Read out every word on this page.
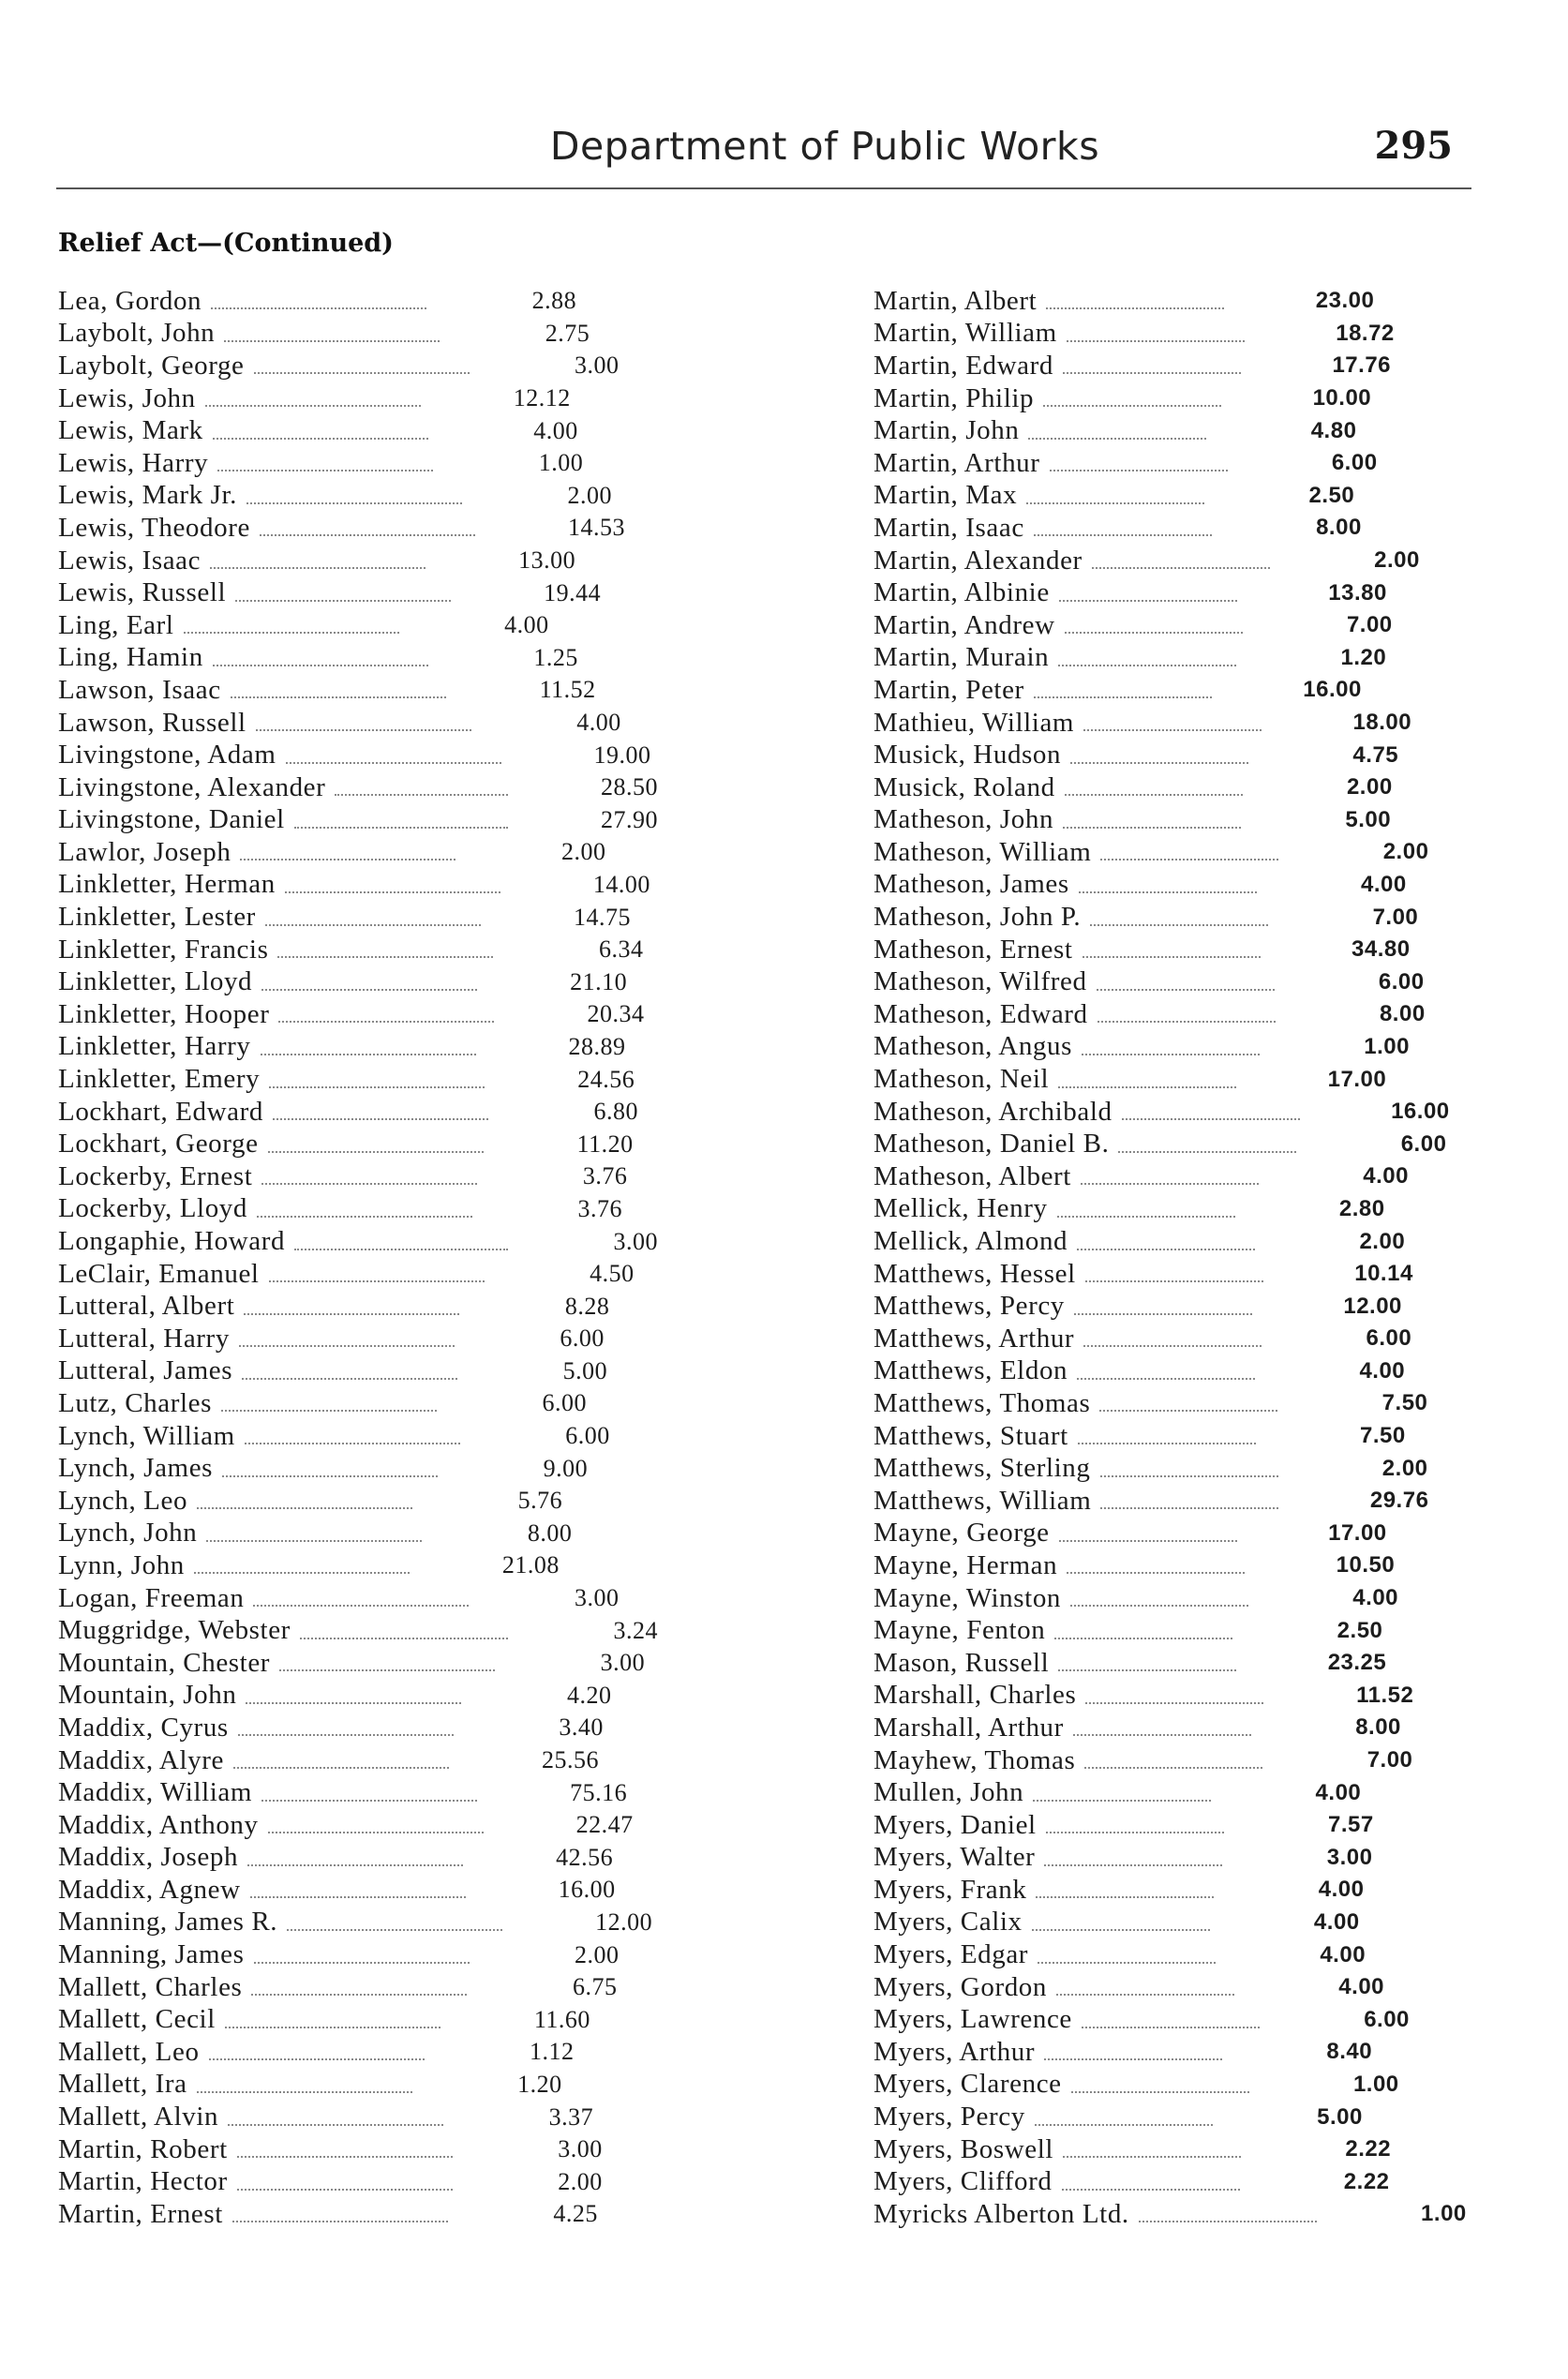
Department of Public Works	295
Relief Act—(Continued)
Lea, Gordon	2.88
Laybolt, John	2.75
Laybolt, George	3.00
Lewis, John	12.12
Lewis, Mark	4.00
Lewis, Harry	1.00
Lewis, Mark Jr.	2.00
Lewis, Theodore	14.53
Lewis, Isaac	13.00
Lewis, Russell	19.44
Ling, Earl	4.00
Ling, Hamin	1.25
Lawson, Isaac	11.52
Lawson, Russell	4.00
Livingstone, Adam	19.00
Livingstone, Alexander	28.50
Livingstone, Daniel	27.90
Lawlor, Joseph	2.00
Linkletter, Herman	14.00
Linkletter, Lester	14.75
Linkletter, Francis	6.34
Linkletter, Lloyd	21.10
Linkletter, Hooper	20.34
Linkletter, Harry	28.89
Linkletter, Emery	24.56
Lockhart, Edward	6.80
Lockhart, George	11.20
Lockerby, Ernest	3.76
Lockerby, Lloyd	3.76
Longaphie, Howard	3.00
LeClair, Emanuel	4.50
Lutteral, Albert	8.28
Lutteral, Harry	6.00
Lutteral, James	5.00
Lutz, Charles	6.00
Lynch, William	6.00
Lynch, James	9.00
Lynch, Leo	5.76
Lynch, John	8.00
Lynn, John	21.08
Logan, Freeman	3.00
Muggridge, Webster	3.24
Mountain, Chester	3.00
Mountain, John	4.20
Maddix, Cyrus	3.40
Maddix, Alyre	25.56
Maddix, William	75.16
Maddix, Anthony	22.47
Maddix, Joseph	42.56
Maddix, Agnew	16.00
Manning, James R.	12.00
Manning, James	2.00
Mallett, Charles	6.75
Mallett, Cecil	11.60
Mallett, Leo	1.12
Mallett, Ira	1.20
Mallett, Alvin	3.37
Martin, Robert	3.00
Martin, Hector	2.00
Martin, Ernest	4.25
Martin, Albert	23.00
Martin, William	18.72
Martin, Edward	17.76
Martin, Philip	10.00
Martin, John	4.80
Martin, Arthur	6.00
Martin, Max	2.50
Martin, Isaac	8.00
Martin, Alexander	2.00
Martin, Albinie	13.80
Martin, Andrew	7.00
Martin, Murain	1.20
Martin, Peter	16.00
Mathieu, William	18.00
Musick, Hudson	4.75
Musick, Roland	2.00
Matheson, John	5.00
Matheson, William	2.00
Matheson, James	4.00
Matheson, John P.	7.00
Matheson, Ernest	34.80
Matheson, Wilfred	6.00
Matheson, Edward	8.00
Matheson, Angus	1.00
Matheson, Neil	17.00
Matheson, Archibald	16.00
Matheson, Daniel B.	6.00
Matheson, Albert	4.00
Mellick, Henry	2.80
Mellick, Almond	2.00
Matthews, Hessel	10.14
Matthews, Percy	12.00
Matthews, Arthur	6.00
Matthews, Eldon	4.00
Matthews, Thomas	7.50
Matthews, Stuart	7.50
Matthews, Sterling	2.00
Matthews, William	29.76
Mayne, George	17.00
Mayne, Herman	10.50
Mayne, Winston	4.00
Mayne, Fenton	2.50
Mason, Russell	23.25
Marshall, Charles	11.52
Marshall, Arthur	8.00
Mayhew, Thomas	7.00
Mullen, John	4.00
Myers, Daniel	7.57
Myers, Walter	3.00
Myers, Frank	4.00
Myers, Calix	4.00
Myers, Edgar	4.00
Myers, Gordon	4.00
Myers, Lawrence	6.00
Myers, Arthur	8.40
Myers, Clarence	1.00
Myers, Percy	5.00
Myers, Boswell	2.22
Myers, Clifford	2.22
Myricks Alberton Ltd.	1.00
